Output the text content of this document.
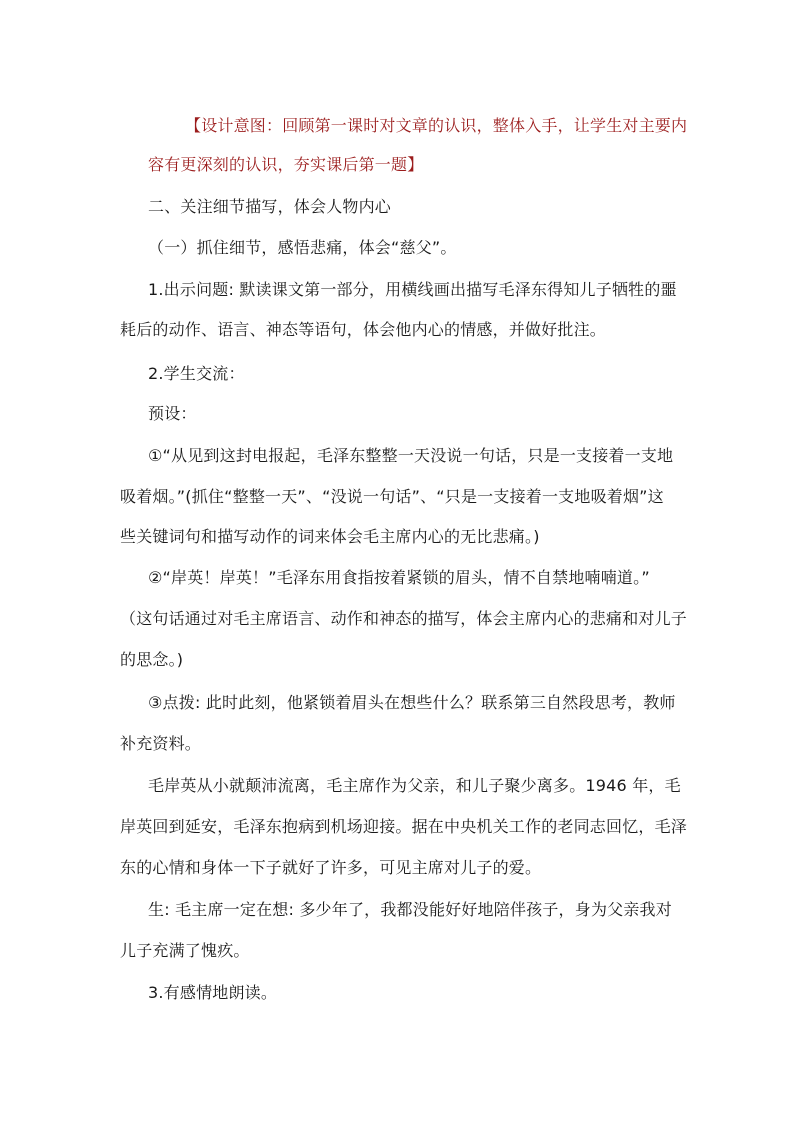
【设计意图：回顾第一课时对文章的认识，整体入手，让学生对主要内
容有更深刻的认识，夯实课后第一题】
二、关注细节描写，体会人物内心
（一）抓住细节，感悟悲痛，体会“慈父”。
1.出示问题: 默读课文第一部分，用横线画出描写毛泽东得知儿子牺牲的噩
耗后的动作、语言、神态等语句，体会他内心的情感，并做好批注。
2.学生交流：
预设：
①“从见到这封电报起，毛泽东整整一天没说一句话，只是一支接着一支地
吸着烟。”(抓住“整整一天”、“没说一句话”、“只是一支接着一支地吸着烟”这
些关键词句和描写动作的词来体会毛主席内心的无比悲痛。)
②“岸英！岸英！”毛泽东用食指按着紧锁的眉头，情不自禁地喃喃道。”
（这句话通过对毛主席语言、动作和神态的描写，体会主席内心的悲痛和对儿子
的思念。)
③点拨: 此时此刻，他紧锁着眉头在想些什么？联系第三自然段思考，教师
补充资料。
毛岸英从小就颠沛流离，毛主席作为父亲，和儿子聚少离多。1946 年，毛
岸英回到延安，毛泽东抱病到机场迎接。据在中央机关工作的老同志回忆，毛泽
东的心情和身体一下子就好了许多，可见主席对儿子的爱。
生: 毛主席一定在想: 多少年了，我都没能好好地陪伴孩子，身为父亲我对
儿子充满了愧疚。
3.有感情地朗读。
